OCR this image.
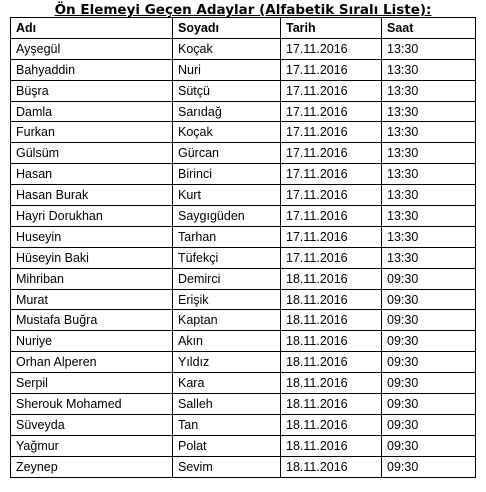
Ön Elemeyi Geçen Adaylar (Alfabetik Sıralı Liste):
Adı	Soyadı	Tarih	Saat
Ayşegül	Koçak	17.11.2016	13:30
Bahyaddin	Nuri	17.11.2016	13:30
Büşra	Sütçü	17.11.2016	13:30
Damla	Sarıdağ	17.11.2016	13:30
Furkan	Koçak	17.11.2016	13:30
Gülsüm	Gürcan	17.11.2016	13:30
Hasan	Birinci	17.11.2016	13:30
Hasan Burak	Kurt	17.11.2016	13:30
Hayri Dorukhan	Saygıgüden	17.11.2016	13:30
Huseyin	Tarhan	17.11.2016	13:30
Hüseyin Baki	Tüfekçi	17.11.2016	13:30
Mihriban	Demirci	18.11.2016	09:30
Murat	Erişik	18.11.2016	09:30
Mustafa Buğra	Kaptan	18.11.2016	09:30
Nuriye	Akın	18.11.2016	09:30
Orhan Alperen	Yıldız	18.11.2016	09:30
Serpil	Kara	18.11.2016	09:30
Sherouk Mohamed	Salleh	18.11.2016	09:30
Süveyda	Tan	18.11.2016	09:30
Yağmur	Polat	18.11.2016	09:30
Zeynep	Sevim	18.11.2016	09:30
